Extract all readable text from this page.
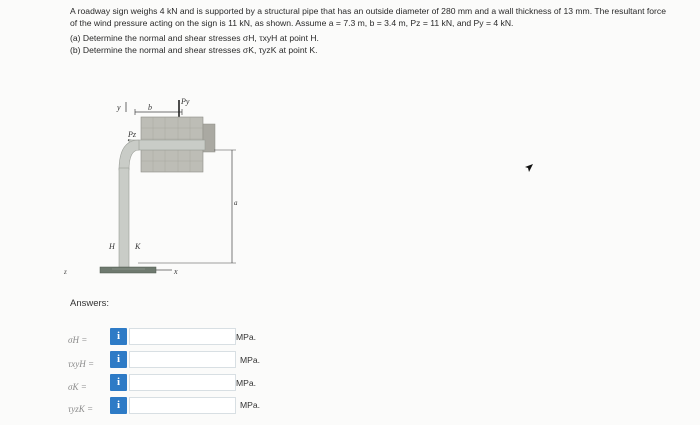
A roadway sign weighs 4 kN and is supported by a structural pipe that has an outside diameter of 280 mm and a wall thickness of 13 mm. The resultant force of the wind pressure acting on the sign is 11 kN, as shown. Assume a = 7.3 m, b = 3.4 m, Pz = 11 kN, and Py = 4 kN.

(a) Determine the normal and shear stresses σH, τxyH at point H.

(b) Determine the normal and shear stresses σK, τyzK at point K.

y	b
Py
Pz
a
H	K
x
z
Answers:
σH =	i	MPa.
τxyH =	i	MPa.
σK =	i	MPa.
τyzK =	i	MPa.
